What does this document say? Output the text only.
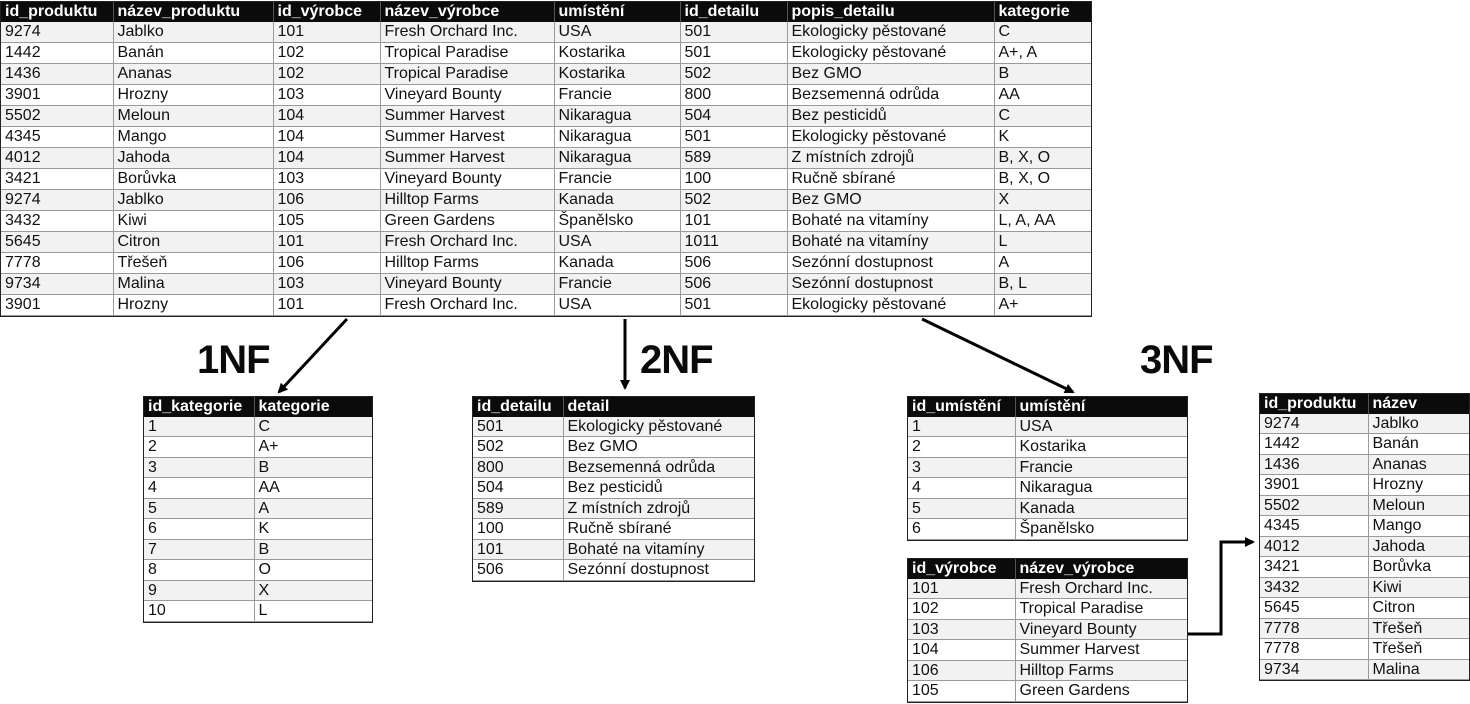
id_produktu	název_produktu	id_výrobce	název_výrobce	umístění	id_detailu	popis_detailu	kategorie
9274	Jablko	101	Fresh Orchard Inc.	USA	501	Ekologicky pěstované	C
1442	Banán	102	Tropical Paradise	Kostarika	501	Ekologicky pěstované	A+, A
1436	Ananas	102	Tropical Paradise	Kostarika	502	Bez GMO	B
3901	Hrozny	103	Vineyard Bounty	Francie	800	Bezsemenná odrůda	AA
5502	Meloun	104	Summer Harvest	Nikaragua	504	Bez pesticidů	C
4345	Mango	104	Summer Harvest	Nikaragua	501	Ekologicky pěstované	K
4012	Jahoda	104	Summer Harvest	Nikaragua	589	Z místních zdrojů	B, X, O
3421	Borůvka	103	Vineyard Bounty	Francie	100	Ručně sbírané	B, X, O
9274	Jablko	106	Hilltop Farms	Kanada	502	Bez GMO	X
3432	Kiwi	105	Green Gardens	Španělsko	101	Bohaté na vitamíny	L, A, AA
5645	Citron	101	Fresh Orchard Inc.	USA	1011	Bohaté na vitamíny	L
7778	Třešeň	106	Hilltop Farms	Kanada	506	Sezónní dostupnost	A
9734	Malina	103	Vineyard Bounty	Francie	506	Sezónní dostupnost	B, L
3901	Hrozny	101	Fresh Orchard Inc.	USA	501	Ekologicky pěstované	A+
1NF	2NF	3NF
id_kategorie	kategorie
1	C
2	A+
3	B
4	AA
5	A
6	K
7	B
8	O
9	X
10	L
id_detailu	detail
501	Ekologicky pěstované
502	Bez GMO
800	Bezsemenná odrůda
504	Bez pesticidů
589	Z místních zdrojů
100	Ručně sbírané
101	Bohaté na vitamíny
506	Sezónní dostupnost
id_umístění	umístění
1	USA
2	Kostarika
3	Francie
4	Nikaragua
5	Kanada
6	Španělsko
id_výrobce	název_výrobce
101	Fresh Orchard Inc.
102	Tropical Paradise
103	Vineyard Bounty
104	Summer Harvest
106	Hilltop Farms
105	Green Gardens
id_produktu	název
9274	Jablko
1442	Banán
1436	Ananas
3901	Hrozny
5502	Meloun
4345	Mango
4012	Jahoda
3421	Borůvka
3432	Kiwi
5645	Citron
7778	Třešeň
7778	Třešeň
9734	Malina
